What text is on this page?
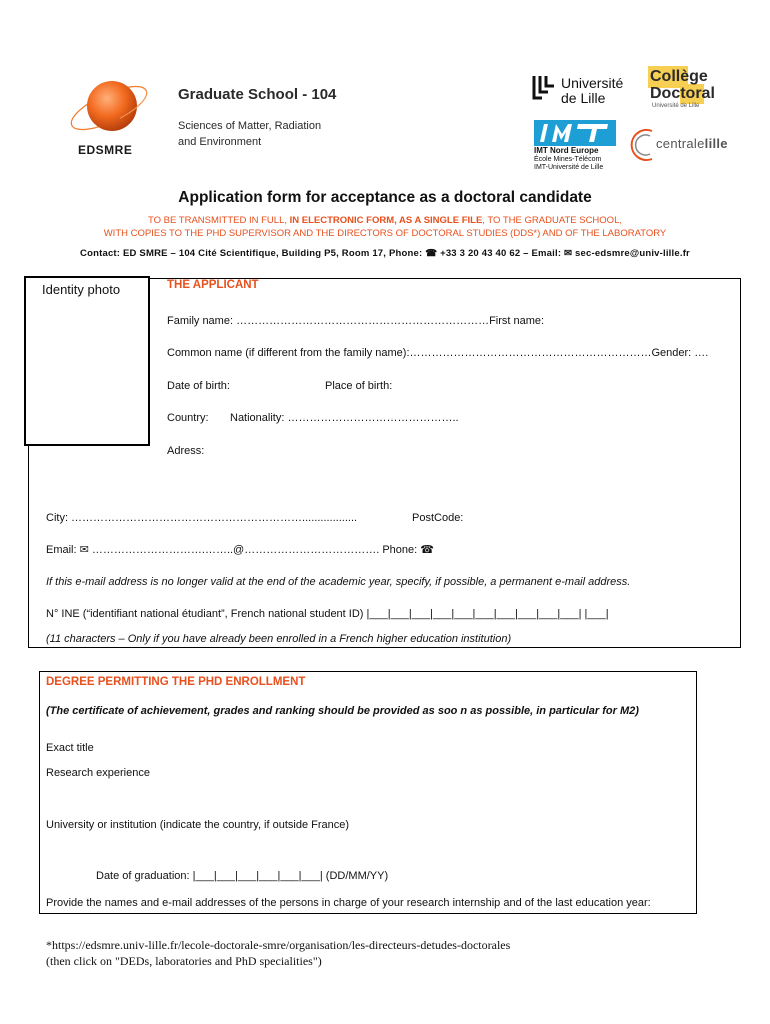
EDSMRE
Graduate School - 104
Sciences of Matter, Radiation
and Environment
Université
de Lille
Collège
Doctoral
Université de Lille
IMT Nord Europe
École Mines-Télécom
IMT-Université de Lille
centralelille
Application form for acceptance as a doctoral candidate
TO BE TRANSMITTED IN FULL, IN ELECTRONIC FORM, AS A SINGLE FILE, TO THE GRADUATE SCHOOL,
WITH COPIES TO THE PHD SUPERVISOR AND THE DIRECTORS OF DOCTORAL STUDIES (DDS*) AND OF THE LABORATORY
Contact: ED SMRE – 104 Cité Scientifique, Building P5, Room 17, Phone: ☎ +33 3 20 43 40 62 – Email: ✉ sec-edsmre@univ-lille.fr
Identity photo	THE APPLICANT
Family name: ……………………………………………………………First name:
Common name (if different from the family name):…………………………………………………………Gender: ….
Date of birth:	Place of birth:
Country: Nationality: ………………………………………..
Adress:
City: ………………………………………………………..................	PostCode:
Email: ✉ ………………………….……..@………………………………. Phone: ☎
If this e-mail address is no longer valid at the end of the academic year, specify, if possible, a permanent e-mail address.
N° INE (“identifiant national étudiant”, French national student ID) |___|___|___|___|___|___|___|___|___|___| |___|
(11 characters – Only if you have already been enrolled in a French higher education institution)
DEGREE PERMITTING THE PHD ENROLLMENT
(The certificate of achievement, grades and ranking should be provided as soo n as possible, in particular for M2)
Exact title
Research experience
University or institution (indicate the country, if outside France)
Date of graduation: |___|___|___|___|___|___| (DD/MM/YY)
Provide the names and e-mail addresses of the persons in charge of your research internship and of the last education year:
*https://edsmre.univ-lille.fr/lecole-doctorale-smre/organisation/les-directeurs-detudes-doctorales
(then click on "DEDs, laboratories and PhD specialities")
